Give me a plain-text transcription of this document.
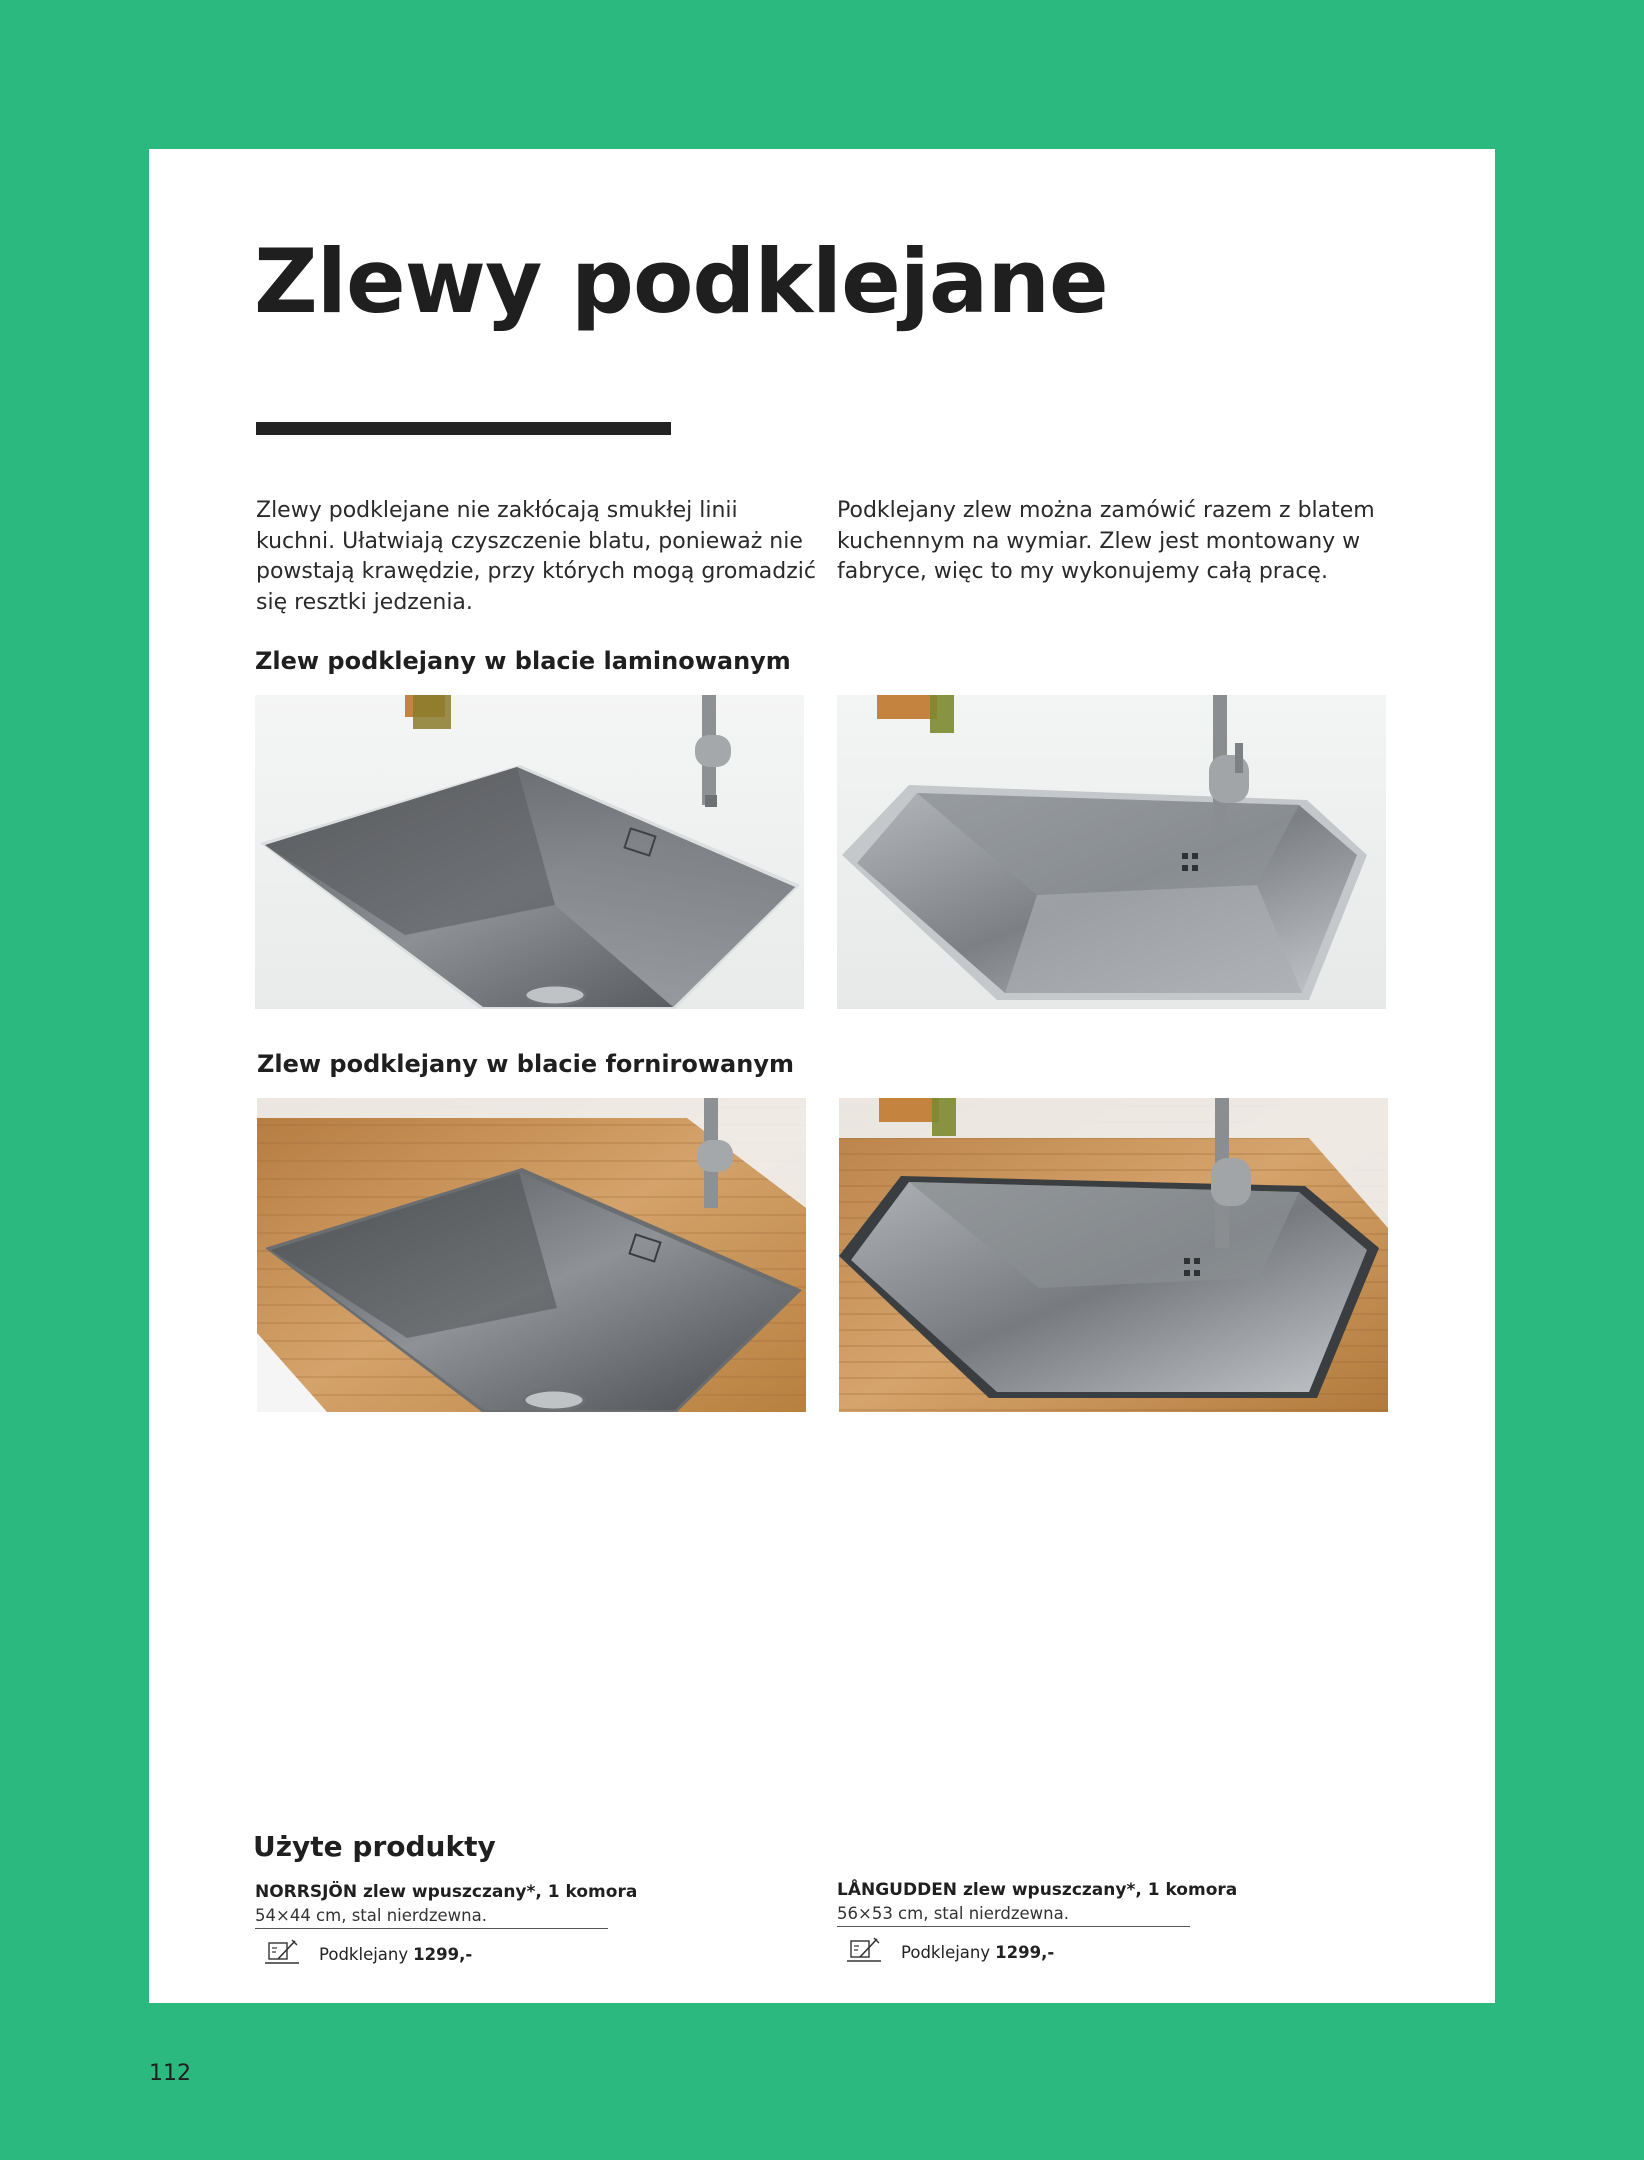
Zlewy podklejane

Zlewy podklejane nie zakłócają smukłej linii kuchni. Ułatwiają czyszczenie blatu, ponieważ nie powstają krawędzie, przy których mogą gromadzić się resztki jedzenia.

Podklejany zlew można zamówić razem z blatem kuchennym na wymiar. Zlew jest montowany w fabryce, więc to my wykonujemy całą pracę.

Zlew podklejany w blacie laminowanym
Zlew podklejany w blacie fornirowanym
Użyte produkty

NORRSJÖN zlew wpuszczany*, 1 komora

54×44 cm, stal nierdzewna.

Podklejany 1299,-

LÅNGUDDEN zlew wpuszczany*, 1 komora

56×53 cm, stal nierdzewna.

Podklejany 1299,-
112
